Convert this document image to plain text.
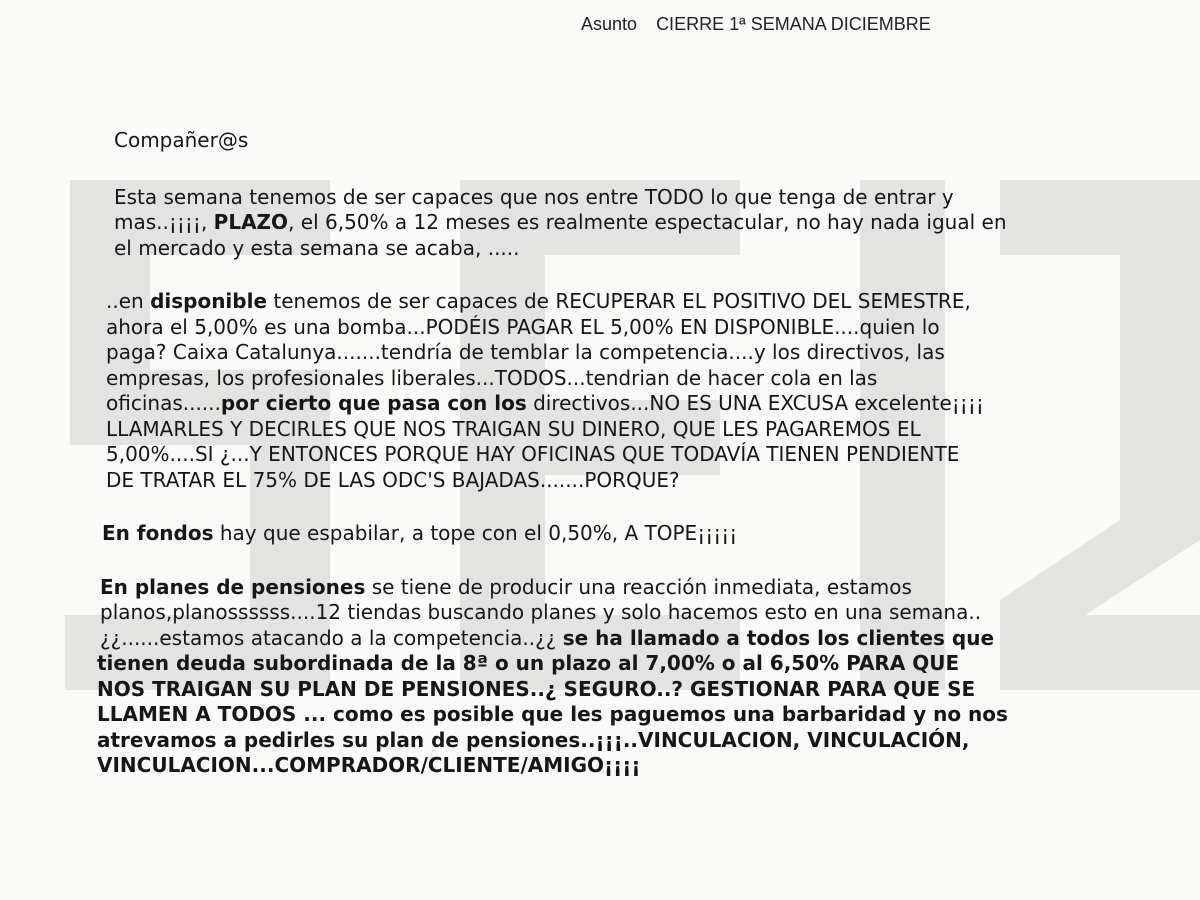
Asunto CIERRE 1ª SEMANA DICIEMBRE

Compañer@s

Esta semana tenemos de ser capaces que nos entre TODO lo que tenga de entrar y
mas..¡¡¡¡, PLAZO, el 6,50% a 12 meses es realmente espectacular, no hay nada igual en
el mercado y esta semana se acaba, .....

..en disponible tenemos de ser capaces de RECUPERAR EL POSITIVO DEL SEMESTRE,
ahora el 5,00% es una bomba...PODÉIS PAGAR EL 5,00% EN DISPONIBLE....quien lo
paga? Caixa Catalunya.......tendría de temblar la competencia....y los directivos, las
empresas, los profesionales liberales...TODOS...tendrian de hacer cola en las
oficinas......por cierto que pasa con los directivos...NO ES UNA EXCUSA excelente¡¡¡¡
LLAMARLES Y DECIRLES QUE NOS TRAIGAN SU DINERO, QUE LES PAGAREMOS EL
5,00%....SI ¿...Y ENTONCES PORQUE HAY OFICINAS QUE TODAVÍA TIENEN PENDIENTE
DE TRATAR EL 75% DE LAS ODC'S BAJADAS.......PORQUE?

En fondos hay que espabilar, a tope con el 0,50%, A TOPE¡¡¡¡¡

En planes de pensiones se tiene de producir una reacción inmediata, estamos
planos,planossssss....12 tiendas buscando planes y solo hacemos esto en una semana..
¿¿......estamos atacando a la competencia..¿¿ se ha llamado a todos los clientes que
tienen deuda subordinada de la 8ª o un plazo al 7,00% o al 6,50% PARA QUE
NOS TRAIGAN SU PLAN DE PENSIONES..¿ SEGURO..? GESTIONAR PARA QUE SE
LLAMEN A TODOS ... como es posible que les paguemos una barbaridad y no nos
atrevamos a pedirles su plan de pensiones..¡¡¡..VINCULACION, VINCULACIÓN,
VINCULACION...COMPRADOR/CLIENTE/AMIGO¡¡¡¡
